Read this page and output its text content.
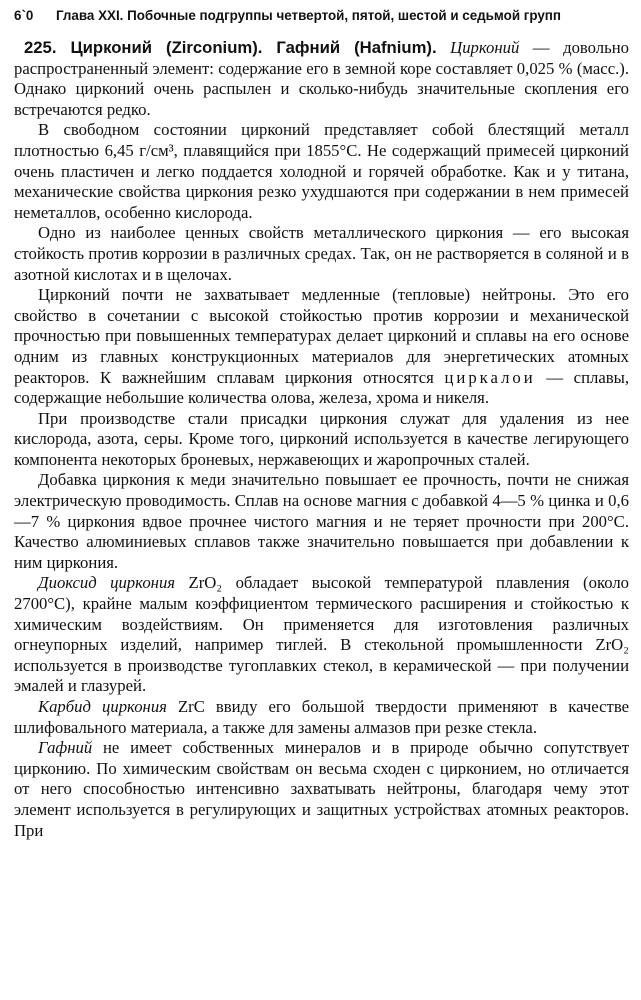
6`0	Глава XXI. Побочные подгруппы четвертой, пятой, шестой и седьмой групп

225. Цирконий (Zirconium). Гафний (Hafnium). Цирконий — довольно распространенный элемент: содержание его в земной коре составляет 0,025 % (масс.). Однако цирконий очень распылен и сколько-нибудь значительные скопления его встречаются редко.

В свободном состоянии цирконий представляет собой блестящий металл плотностью 6,45 г/см³, плавящийся при 1855°С. Не содержащий примесей цирконий очень пластичен и легко поддается холодной и горячей обработке. Как и у титана, механические свойства циркония резко ухудшаются при содержании в нем примесей неметаллов, особенно кислорода.

Одно из наиболее ценных свойств металлического циркония — его высокая стойкость против коррозии в различных средах. Так, он не растворяется в соляной и в азотной кислотах и в щелочах.

Цирконий почти не захватывает медленные (тепловые) нейтроны. Это его свойство в сочетании с высокой стойкостью против коррозии и механической прочностью при повышенных температурах делает цирконий и сплавы на его основе одним из главных конструкционных материалов для энергетических атомных реакторов. К важнейшим сплавам циркония относятся циркалои — сплавы, содержащие небольшие количества олова, железа, хрома и никеля.

При производстве стали присадки циркония служат для удаления из нее кислорода, азота, серы. Кроме того, цирконий используется в качестве легирующего компонента некоторых броневых, нержавеющих и жаропрочных сталей.

Добавка циркония к меди значительно повышает ее прочность, почти не снижая электрическую проводимость. Сплав на основе магния с добавкой 4—5 % цинка и 0,6—7 % циркония вдвое прочнее чистого магния и не теряет прочности при 200°С. Качество алюминиевых сплавов также значительно повышается при добавлении к ним циркония.

Диоксид циркония ZrO₂ обладает высокой температурой плавления (около 2700°С), крайне малым коэффициентом термического расширения и стойкостью к химическим воздействиям. Он применяется для изготовления различных огнеупорных изделий, например тиглей. В стекольной промышленности ZrO₂ используется в производстве тугоплавких стекол, в керамической — при получении эмалей и глазурей.

Карбид циркония ZrC ввиду его большой твердости применяют в качестве шлифовального материала, а также для замены алмазов при резке стекла.

Гафний не имеет собственных минералов и в природе обычно сопутствует цирконию. По химическим свойствам он весьма сходен с цирконием, но отличается от него способностью интенсивно захватывать нейтроны, благодаря чему этот элемент используется в регулирующих и защитных устройствах атомных реакторов. При
